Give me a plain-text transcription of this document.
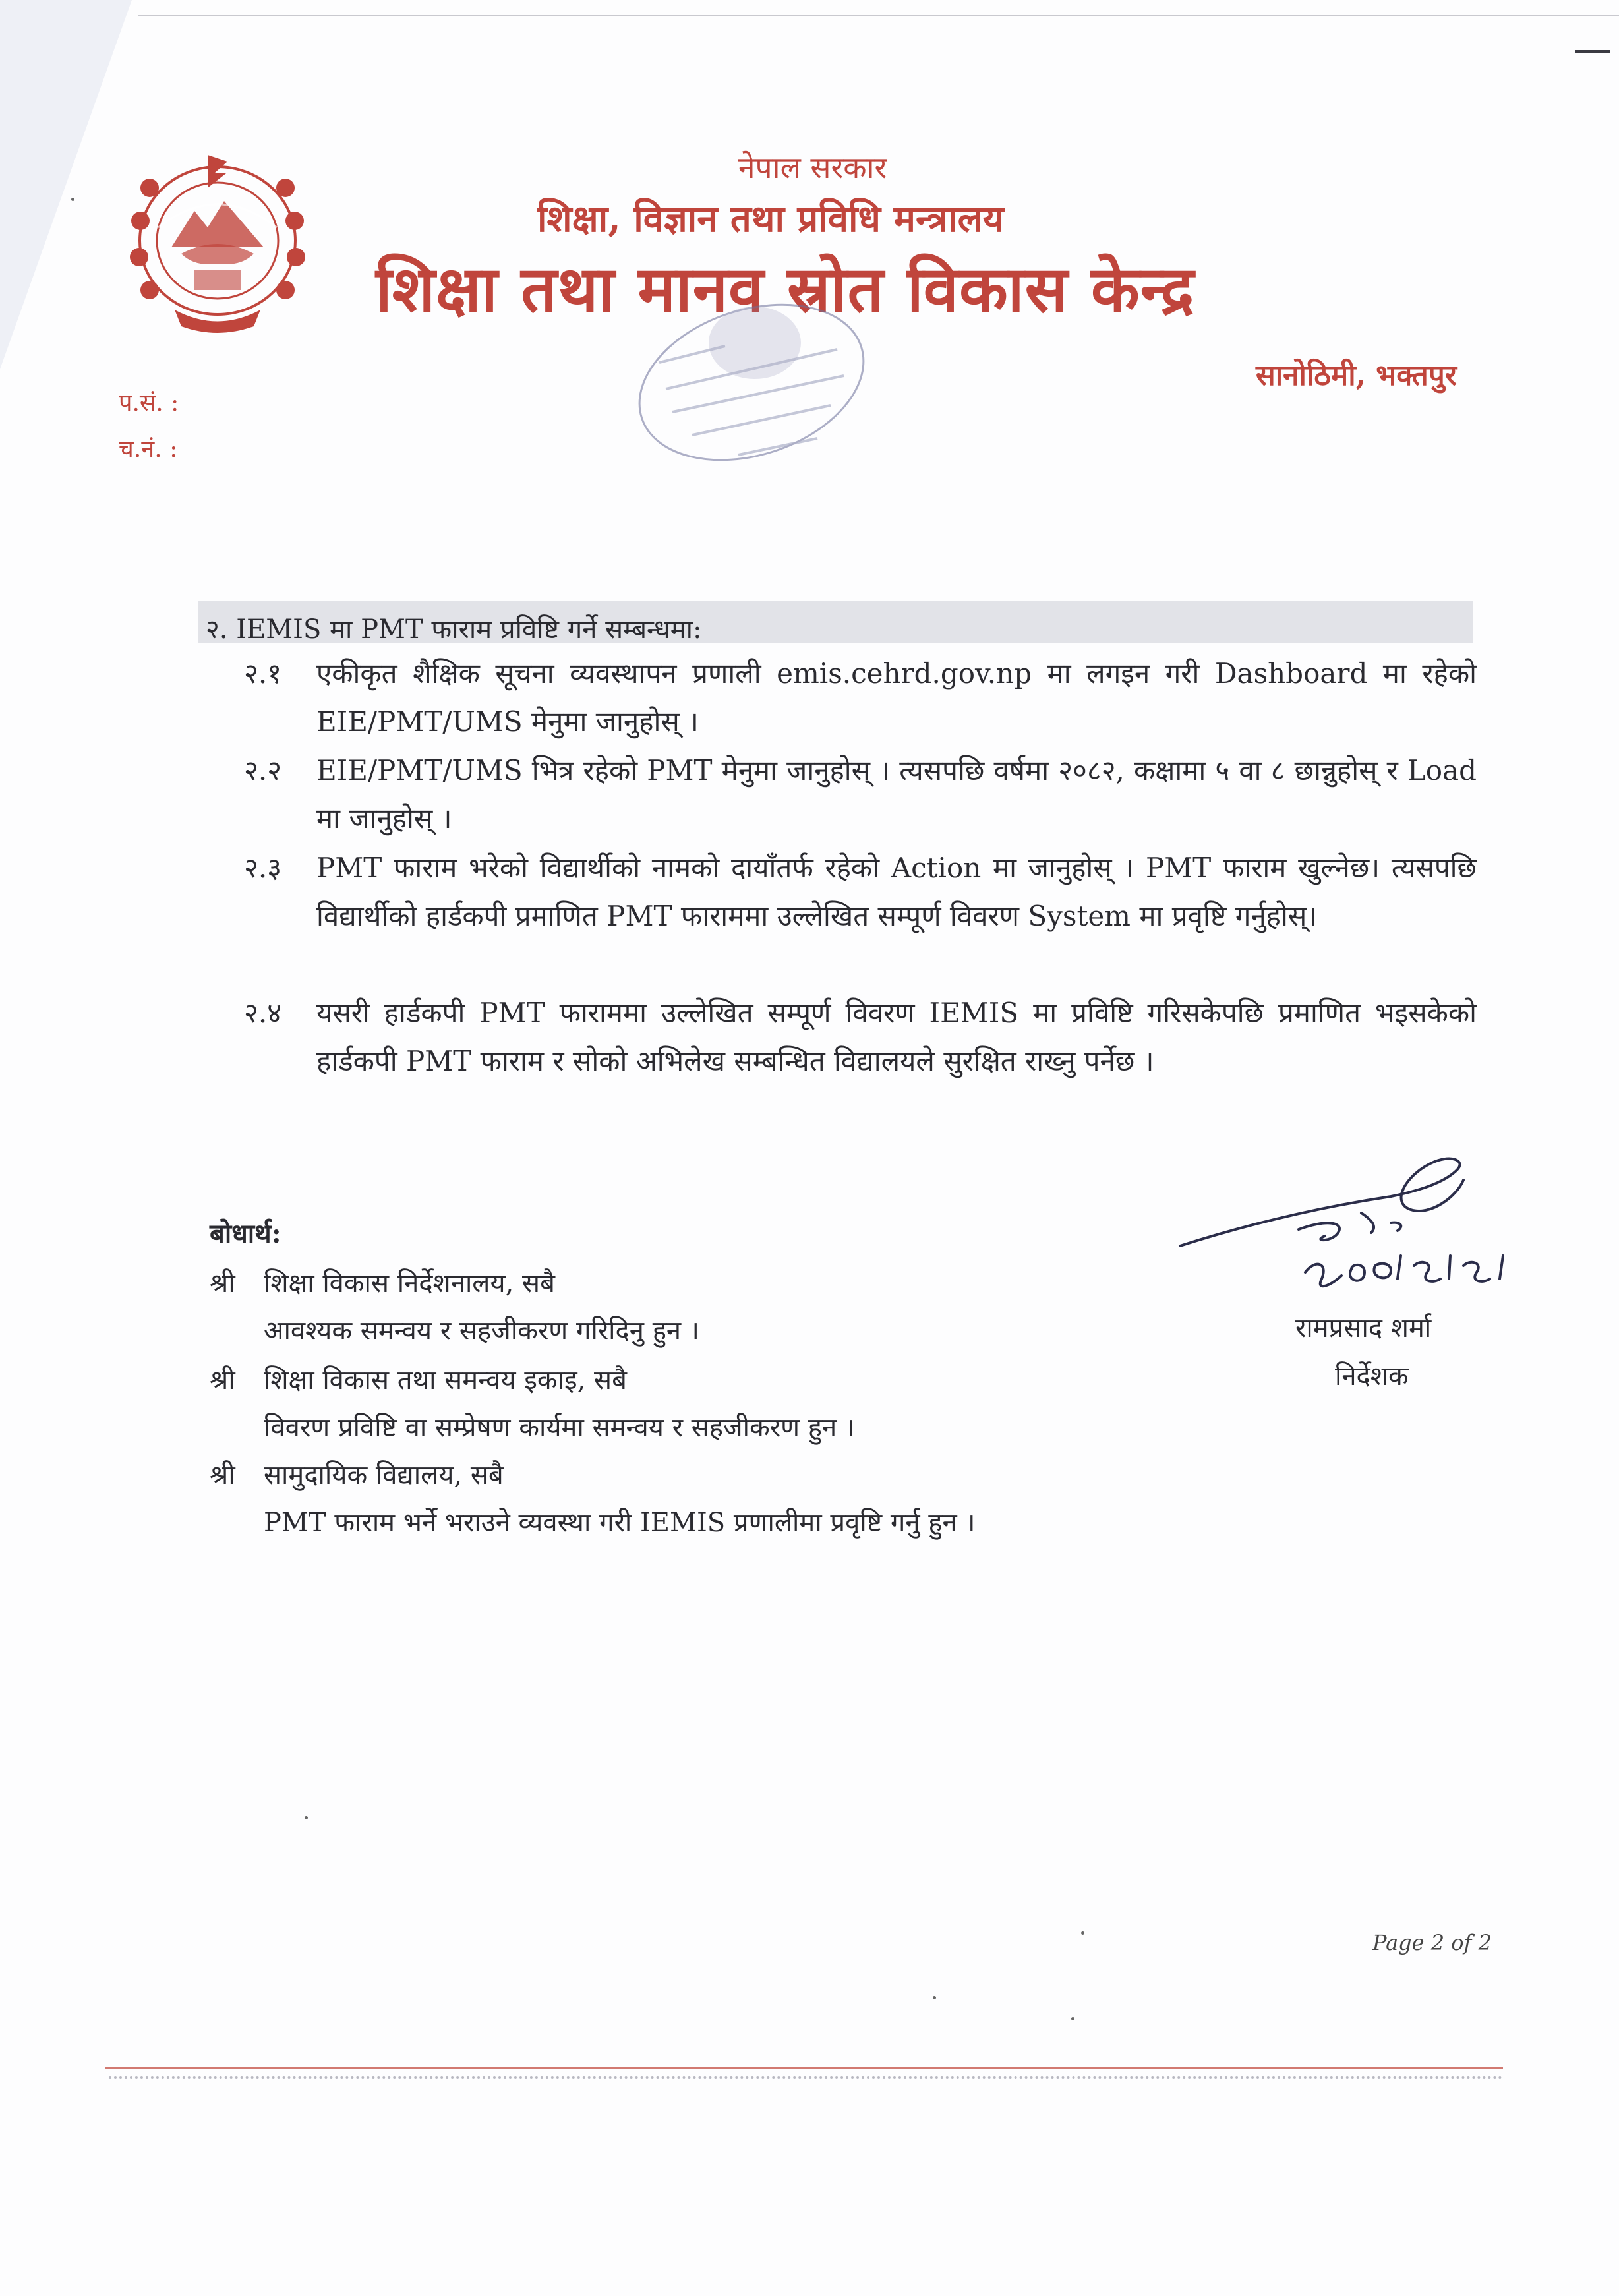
नेपाल सरकार
शिक्षा, विज्ञान तथा प्रविधि मन्त्रालय
शिक्षा तथा मानव स्रोत विकास केन्द्र
सानोठिमी, भक्तपुर
प.सं. :
च.नं. :
२. IEMIS मा PMT फाराम प्रविष्टि गर्ने सम्बन्धमा:
२.१	एकीकृत शैक्षिक सूचना व्यवस्थापन प्रणाली emis.cehrd.gov.np मा लगइन गरी Dashboard मा रहेको EIE/PMT/UMS मेनुमा जानुहोस् ।
२.२	EIE/PMT/UMS भित्र रहेको PMT मेनुमा जानुहोस् । त्यसपछि वर्षमा २०८२, कक्षामा ५ वा ८ छान्नुहोस् र Load मा जानुहोस् ।
२.३	PMT फाराम भरेको विद्यार्थीको नामको दायाँतर्फ रहेको Action मा जानुहोस् । PMT फाराम खुल्नेछ। त्यसपछि विद्यार्थीको हार्डकपी प्रमाणित PMT फाराममा उल्लेखित सम्पूर्ण विवरण System मा प्रवृष्टि गर्नुहोस्।
२.४	यसरी हार्डकपी PMT फाराममा उल्लेखित सम्पूर्ण विवरण IEMIS मा प्रविष्टि गरिसकेपछि प्रमाणित भइसकेको हार्डकपी PMT फाराम र सोको अभिलेख सम्बन्धित विद्यालयले सुरक्षित राख्नु पर्नेछ ।
बोधार्थ:
श्री शिक्षा विकास निर्देशनालय, सबै
आवश्यक समन्वय र सहजीकरण गरिदिनु हुन ।
श्री शिक्षा विकास तथा समन्वय इकाइ, सबै
विवरण प्रविष्टि वा सम्प्रेषण कार्यमा समन्वय र सहजीकरण हुन ।
श्री सामुदायिक विद्यालय, सबै
PMT फाराम भर्ने भराउने व्यवस्था गरी IEMIS प्रणालीमा प्रवृष्टि गर्नु हुन ।
रामप्रसाद शर्मा
निर्देशक
Page 2 of 2
